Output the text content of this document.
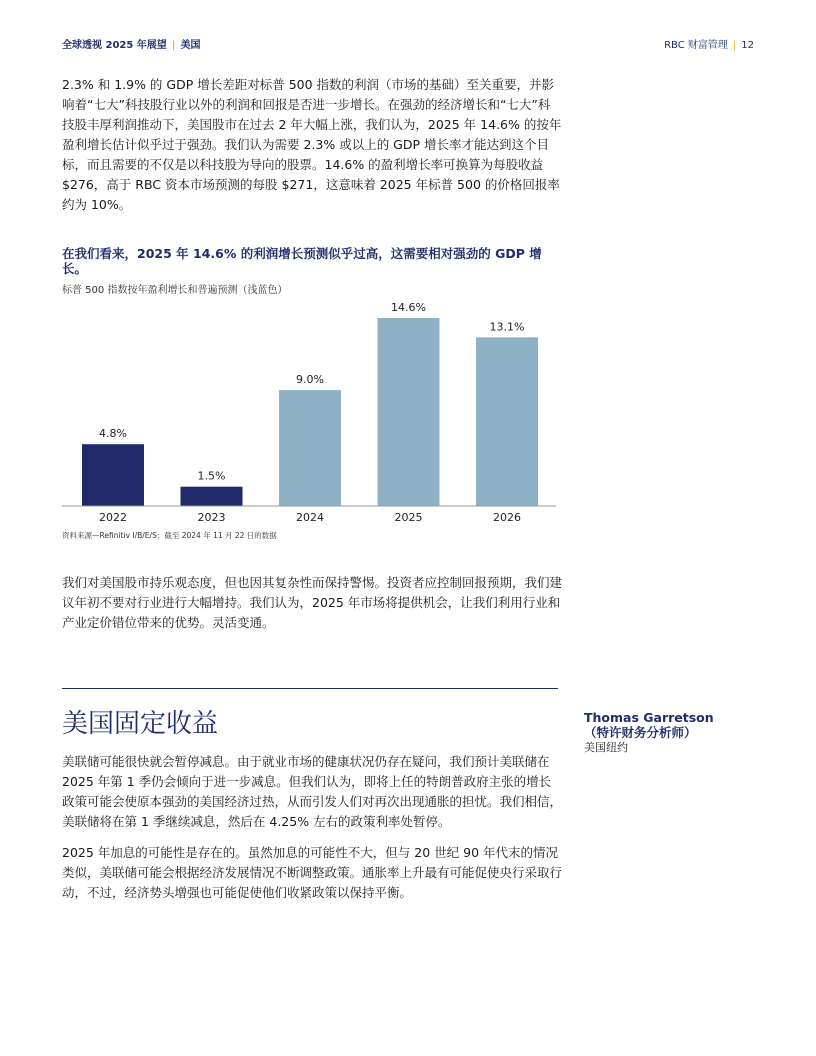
全球透视 2025 年展望 | 美国	RBC 财富管理 | 12

2.3% 和 1.9% 的 GDP 增长差距对标普 500 指数的利润（市场的基础）至关重要，并影响着“七大”科技股行业以外的利润和回报是否进一步增长。在强劲的经济增长和“七大”科技股丰厚利润推动下，美国股市在过去 2 年大幅上涨，我们认为，2025 年 14.6% 的按年盈利增长估计似乎过于强劲。我们认为需要 2.3% 或以上的 GDP 增长率才能达到这个目标，而且需要的不仅是以科技股为导向的股票。14.6% 的盈利增长率可换算为每股收益 $276，高于 RBC 资本市场预测的每股 $271，这意味着 2025 年标普 500 的价格回报率约为 10%。

在我们看来，2025 年 14.6% 的利润增长预测似乎过高，这需要相对强劲的 GDP 增长。
标普 500 指数按年盈利增长和普遍预测（浅蓝色）
4.8%
2022
1.5%
2023
9.0%
2024
14.6%
2025
13.1%
2026
资料来源—Refinitiv I/B/E/S；截至 2024 年 11 月 22 日的数据

我们对美国股市持乐观态度，但也因其复杂性而保持警惕。投资者应控制回报预期，我们建议年初不要对行业进行大幅增持。我们认为，2025 年市场将提供机会，让我们利用行业和产业定价错位带来的优势。灵活变通。

美国固定收益	Thomas Garretson
（特许财务分析师）
美国纽约

美联储可能很快就会暂停减息。由于就业市场的健康状况仍存在疑问，我们预计美联储在 2025 年第 1 季仍会倾向于进一步减息。但我们认为，即将上任的特朗普政府主张的增长政策可能会使原本强劲的美国经济过热，从而引发人们对再次出现通胀的担忧。我们相信，美联储将在第 1 季继续减息，然后在 4.25% 左右的政策利率处暂停。

2025 年加息的可能性是存在的。虽然加息的可能性不大，但与 20 世纪 90 年代末的情况类似，美联储可能会根据经济发展情况不断调整政策。通胀率上升最有可能促使央行采取行动，不过，经济势头增强也可能促使他们收紧政策以保持平衡。
